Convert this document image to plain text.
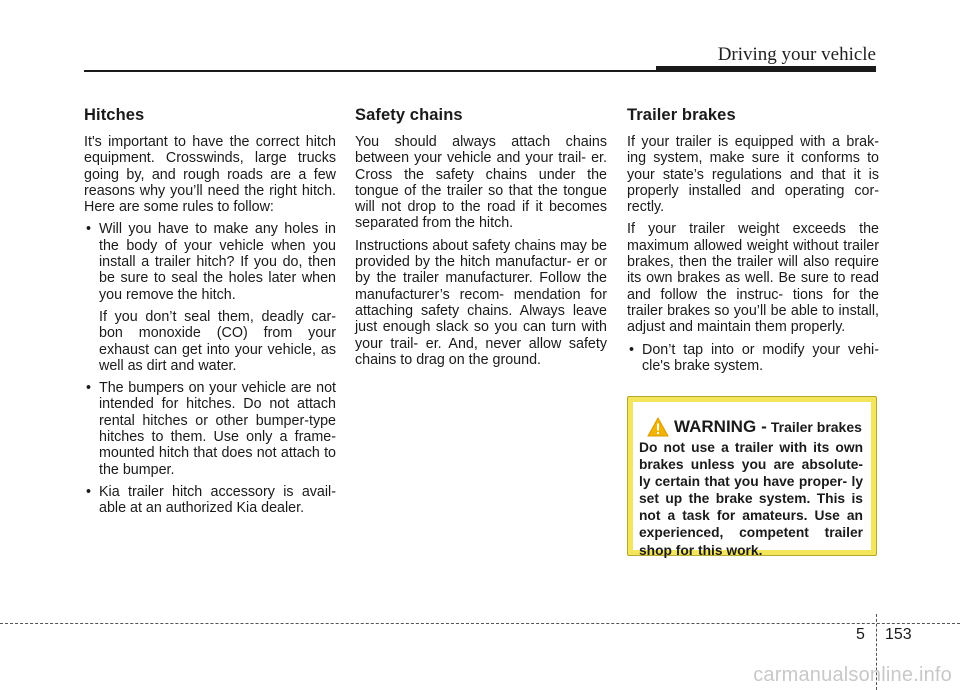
Driving your vehicle
Hitches

It's important to have the correct hitch equipment. Crosswinds, large trucks going by, and rough roads are a few reasons why you’ll need the right hitch. Here are some rules to follow:

• Will you have to make any holes in the body of your vehicle when you install a trailer hitch? If you do, then be sure to seal the holes later when you remove the hitch.
If you don’t seal them, deadly car- bon monoxide (CO) from your exhaust can get into your vehicle, as well as dirt and water.
• The bumpers on your vehicle are not intended for hitches. Do not attach rental hitches or other bumper-type hitches to them. Use only a frame-mounted hitch that does not attach to the bumper.
• Kia trailer hitch accessory is avail- able at an authorized Kia dealer.
Safety chains

You should always attach chains between your vehicle and your trail- er. Cross the safety chains under the tongue of the trailer so that the tongue will not drop to the road if it becomes separated from the hitch.

Instructions about safety chains may be provided by the hitch manufactur- er or by the trailer manufacturer. Follow the manufacturer’s recom- mendation for attaching safety chains. Always leave just enough slack so you can turn with your trail- er. And, never allow safety chains to drag on the ground.

Trailer brakes

If your trailer is equipped with a brak- ing system, make sure it conforms to your state’s regulations and that it is properly installed and operating cor- rectly.

If your trailer weight exceeds the maximum allowed weight without trailer brakes, then the trailer will also require its own brakes as well. Be sure to read and follow the instruc- tions for the trailer brakes so you’ll be able to install, adjust and maintain them properly.

• Don’t tap into or modify your vehi- cle's brake system.
WARNING - Trailer brakes
Do not use a trailer with its own brakes unless you are absolute- ly certain that you have proper- ly set up the brake system. This is not a task for amateurs. Use an experienced, competent trailer shop for this work.
5 153
carmanualsonline.info
